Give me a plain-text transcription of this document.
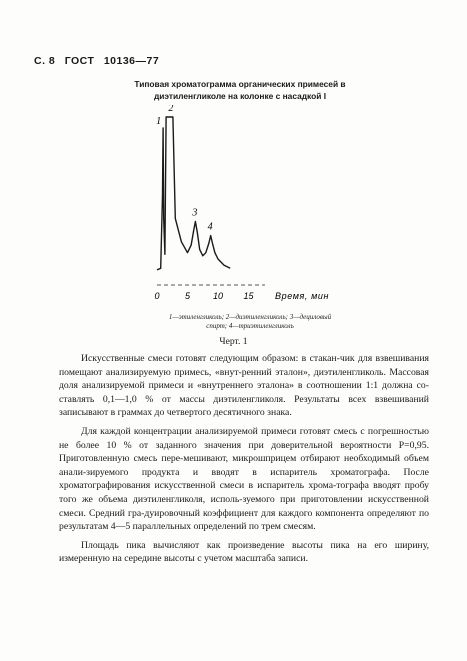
С. 8 ГОСТ 10136—77
Типовая хроматограмма органических примесей в
диэтиленгликоле на колонке с насадкой I
0	5	10 15
1
2
3
4
Время, мин
1—этиленгликоль; 2—диэтиленгликоль; 3—дециловый
спирт; 4—триэтиленгликоль
Черт. 1

Искусственные смеси готовят следующим образом: в стакан-чик для взвешивания помещают анализируемую примесь, «внут-ренний эталон», диэтиленгликоль. Массовая доля анализируемой примеси и «внутреннего эталона» в соотношении 1:1 должна со-ставлять 0,1—1,0 % от массы диэтиленгликоля. Результаты всех взвешиваний записывают в граммах до четвертого десятичного знака.

Для каждой концентрации анализируемой примеси готовят смесь с погрешностью не более 10 % от заданного значения при доверительной вероятности P=0,95. Приготовленную смесь пере-мешивают, микрошприцем отбирают необходимый объем анали-зируемого продукта и вводят в испаритель хроматографа. После хроматографирования искусственной смеси в испаритель хрома-тографа вводят пробу того же объема диэтиленгликоля, исполь-зуемого при приготовлении искусственной смеси. Средний гра-дуировочный коэффициент для каждого компонента определяют по результатам 4—5 параллельных определений по трем смесям.

Площадь пика вычисляют как произведение высоты пика на его ширину, измеренную на середине высоты с учетом масштаба записи.
